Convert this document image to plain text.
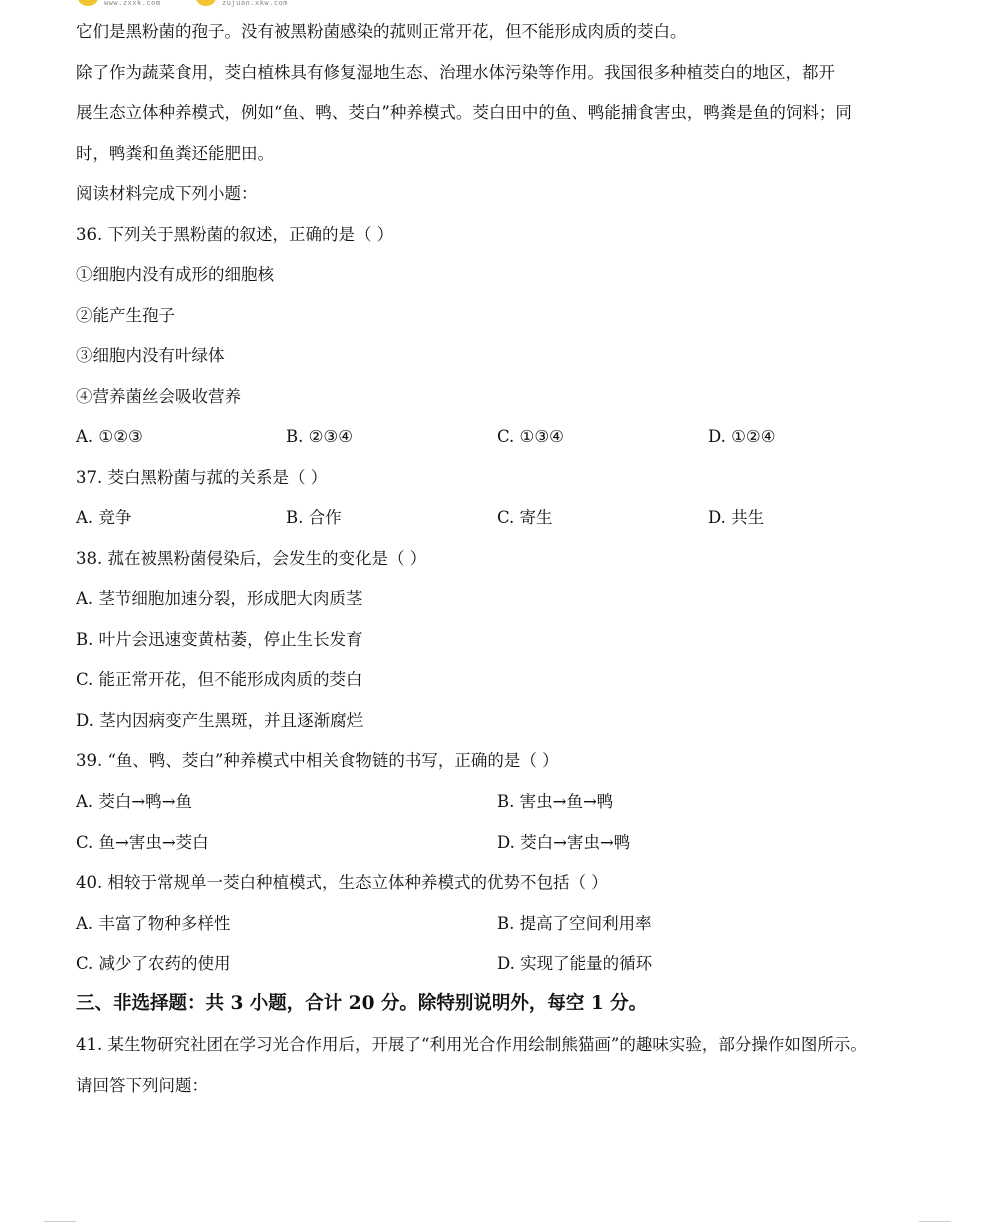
www.zxxk.com	zujuan.xkw.com
它们是黑粉菌的孢子。没有被黑粉菌感染的菰则正常开花，但不能形成肉质的茭白。
除了作为蔬菜食用，茭白植株具有修复湿地生态、治理水体污染等作用。我国很多种植茭白的地区，都开
展生态立体种养模式，例如“鱼、鸭、茭白”种养模式。茭白田中的鱼、鸭能捕食害虫，鸭粪是鱼的饲料；同
时，鸭粪和鱼粪还能肥田。
阅读材料完成下列小题：
36. 下列关于黑粉菌的叙述，正确的是（ ）
①细胞内没有成形的细胞核
②能产生孢子
③细胞内没有叶绿体
④营养菌丝会吸收营养
A. ①②③	B. ②③④	C. ①③④	D. ①②④
37. 茭白黑粉菌与菰的关系是（ ）
A. 竞争	B. 合作	C. 寄生	D. 共生
38. 菰在被黑粉菌侵染后，会发生的变化是（ ）
A. 茎节细胞加速分裂，形成肥大肉质茎
B. 叶片会迅速变黄枯萎，停止生长发育
C. 能正常开花，但不能形成肉质的茭白
D. 茎内因病变产生黑斑，并且逐渐腐烂
39. “鱼、鸭、茭白”种养模式中相关食物链的书写，正确的是（ ）
A. 茭白→鸭→鱼	B. 害虫→鱼→鸭
C. 鱼→害虫→茭白	D. 茭白→害虫→鸭
40. 相较于常规单一茭白种植模式，生态立体种养模式的优势不包括（ ）
A. 丰富了物种多样性	B. 提高了空间利用率
C. 减少了农药的使用	D. 实现了能量的循环
三、非选择题：共 3 小题，合计 20 分。除特别说明外，每空 1 分。
41. 某生物研究社团在学习光合作用后，开展了“利用光合作用绘制熊猫画”的趣味实验，部分操作如图所示。
请回答下列问题：
